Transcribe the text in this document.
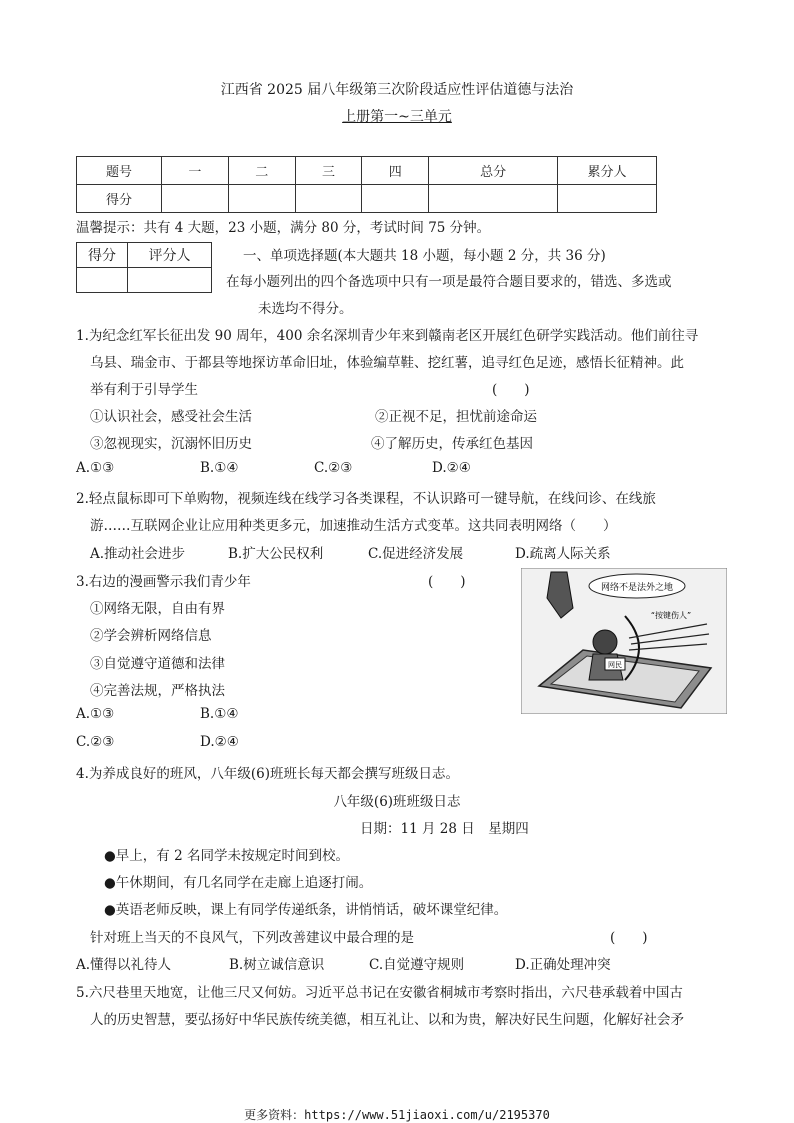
江西省 2025 届八年级第三次阶段适应性评估道德与法治
上册第一~三单元
题号	一	二	三	四	总分	累分人
得分						
温馨提示：共有 4 大题，23 小题，满分 80 分，考试时间 75 分钟。
得分	评分人
		一、单项选择题(本大题共 18 小题，每小题 2 分，共 36 分)
在每小题列出的四个备选项中只有一项是最符合题目要求的，错选、多选或
未选均不得分。
1.为纪念红军长征出发 90 周年，400 余名深圳青少年来到赣南老区开展红色研学实践活动。他们前往寻
乌县、瑞金市、于都县等地探访革命旧址，体验编草鞋、挖红薯，追寻红色足迹，感悟长征精神。此
举有利于引导学生	(　　)
①认识社会，感受社会生活	②正视不足，担忧前途命运
③忽视现实，沉溺怀旧历史	④了解历史，传承红色基因
A.①③	B.①④	C.②③	D.②④
2.轻点鼠标即可下单购物，视频连线在线学习各类课程，不认识路可一键导航，在线问诊、在线旅
游……互联网企业让应用种类更多元，加速推动生活方式变革。这共同表明网络（　　）
A.推动社会进步	B.扩大公民权利	C.促进经济发展	D.疏离人际关系
3.右边的漫画警示我们青少年	(　　)
①网络无限，自由有界
②学会辨析网络信息
③自觉遵守道德和法律
④完善法规，严格执法
A.①③	B.①④
C.②③	D.②④
网络不是法外之地
网民
“按键伤人”
4.为养成良好的班风，八年级(6)班班长每天都会撰写班级日志。
八年级(6)班班级日志
日期：11 月 28 日　星期四
●早上，有 2 名同学未按规定时间到校。
●午休期间，有几名同学在走廊上追逐打闹。
●英语老师反映，课上有同学传递纸条，讲悄悄话，破坏课堂纪律。
针对班上当天的不良风气，下列改善建议中最合理的是	(　　)
A.懂得以礼待人	B.树立诚信意识	C.自觉遵守规则	D.正确处理冲突
5.六尺巷里天地宽，让他三尺又何妨。习近平总书记在安徽省桐城市考察时指出，六尺巷承载着中国古
人的历史智慧，要弘扬好中华民族传统美德，相互礼让、以和为贵，解决好民生问题，化解好社会矛
更多资料：https://www.51jiaoxi.com/u/2195370
